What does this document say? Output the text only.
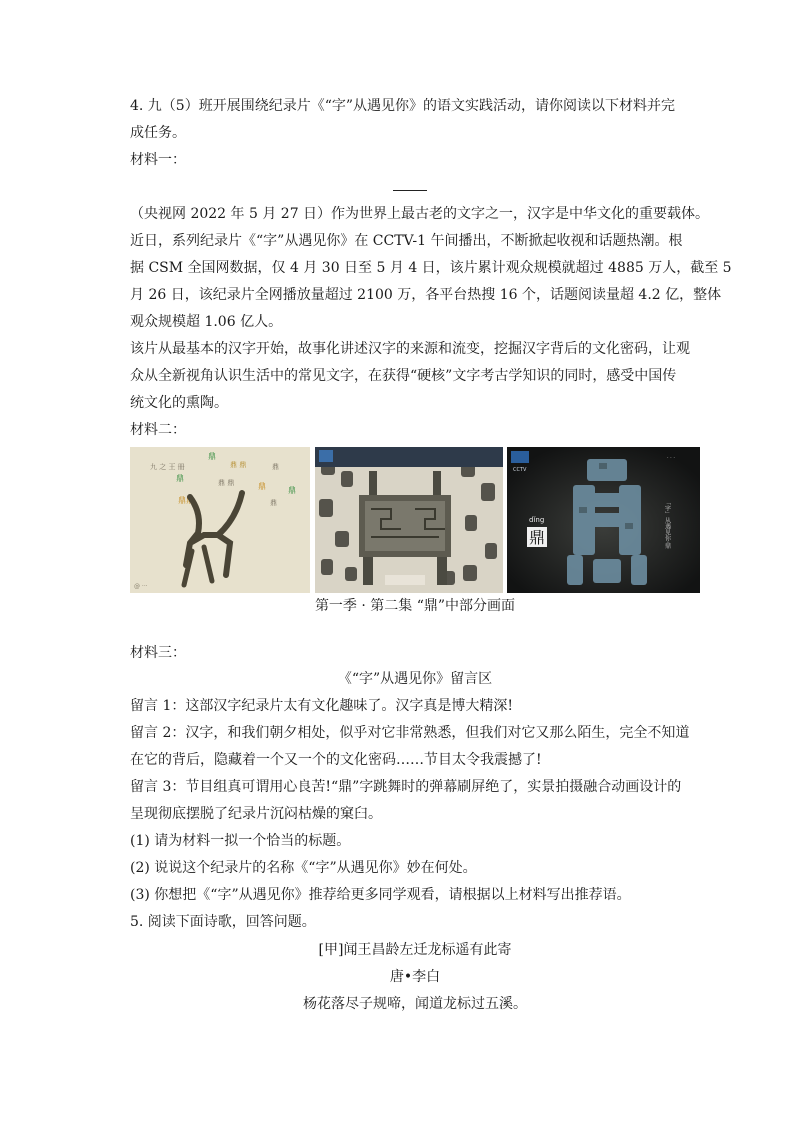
4. 九（5）班开展围绕纪录片《“字”从遇见你》的语文实践活动，请你阅读以下材料并完
成任务。
材料一：
（央视网 2022 年 5 月 27 日）作为世界上最古老的文字之一，汉字是中华文化的重要载体。
近日，系列纪录片《“字”从遇见你》在 CCTV-1 午间播出，不断掀起收视和话题热潮。根
据 CSM 全国网数据，仅 4 月 30 日至 5 月 4 日，该片累计观众规模就超过 4885 万人，截至 5
月 26 日，该纪录片全网播放量超过 2100 万，各平台热搜 16 个，话题阅读量超 4.2 亿，整体
观众规模超 1.06 亿人。
该片从最基本的汉字开始，故事化讲述汉字的来源和流变，挖掘汉字背后的文化密码，让观
众从全新视角认识生活中的常见文字，在获得“硬核”文字考古学知识的同时，感受中国传
统文化的熏陶。
材料二：
九 之 王 冊
鼎
鼎 鼎
鼎
鼎
鼎 鼎
鼎鼎
鼎	鼎
鼎
@ ···
CCTV
dǐng
鼎	「字」从遇见你·鼎
· · ·
第一季 · 第二集 “鼎”中部分画面
材料三：
《“字”从遇见你》留言区
留言 1：这部汉字纪录片太有文化趣味了。汉字真是博大精深!
留言 2：汉字，和我们朝夕相处，似乎对它非常熟悉，但我们对它又那么陌生，完全不知道
在它的背后，隐藏着一个又一个的文化密码……节目太令我震撼了!
留言 3：节目组真可谓用心良苦!“鼎”字跳舞时的弹幕刷屏绝了，实景拍摄融合动画设计的
呈现彻底摆脱了纪录片沉闷枯燥的窠臼。
(1) 请为材料一拟一个恰当的标题。
(2) 说说这个纪录片的名称《“字”从遇见你》妙在何处。
(3) 你想把《“字”从遇见你》推荐给更多同学观看，请根据以上材料写出推荐语。
5. 阅读下面诗歌，回答问题。
[甲]闻王昌龄左迁龙标遥有此寄
唐•李白
杨花落尽子规啼，闻道龙标过五溪。
